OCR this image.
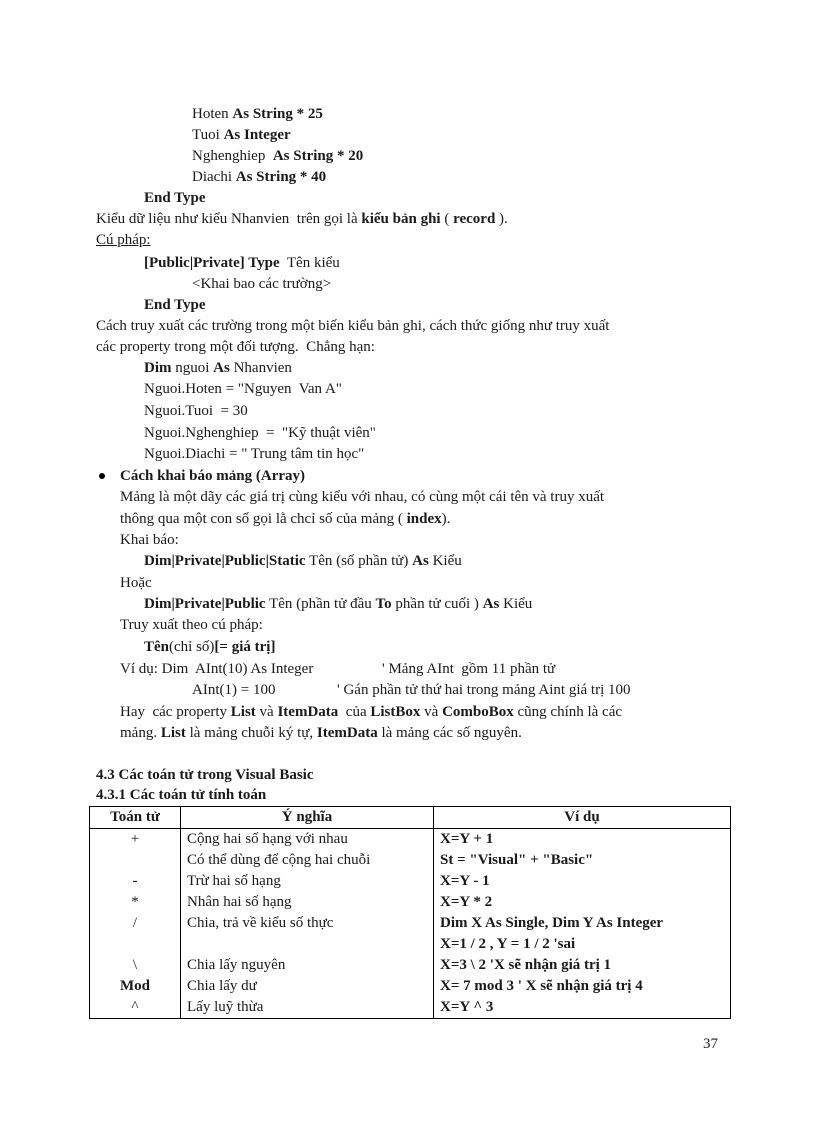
Hoten As String * 25
Tuoi As Integer
Nghenghiep  As String * 20
Diachi As String * 40
End Type
Kiểu dữ liệu như kiểu Nhanvien  trên gọi là kiểu bản ghi ( record ).
Cú pháp:
[Public|Private] Type  Tên kiểu
<Khai bao các trường>
End Type
Cách truy xuất các trường trong một biến kiểu bản ghi, cách thức giống như truy xuất
các property trong một đối tượng.  Chẳng hạn:
Dim nguoi As Nhanvien
Nguoi.Hoten = "Nguyen  Van A"
Nguoi.Tuoi  = 30
Nguoi.Nghenghiep  =  "Kỹ thuật viên"
Nguoi.Diachi = " Trung tâm tin học"
Cách khai báo mảng (Array)
Mảng là một dãy các giá trị cùng kiểu với nhau, có cùng một cái tên và truy xuất
thông qua một con số gọi lằ chcỉ số của mảng ( index).
Khai báo:
Dim|Private|Public|Static Tên (số phần tử) As Kiểu
Hoặc
Dim|Private|Public Tên (phần tử đầu To phần tử cuối ) As Kiểu
Truy xuất theo cú pháp:
Tên(chỉ số)[= giá trị]
Ví dụ: Dim  AInt(10) As Integer	' Mảng AInt  gồm 11 phần tử
AInt(1) = 100	' Gán phần tử thứ hai trong mảng Aint giá trị 100
Hay  các property List và ItemData  của ListBox và ComboBox cũng chính là các
mảng. List là mảng chuỗi ký tự, ItemData là mảng các số nguyên.
4.3 Các toán tử trong Visual Basic
4.3.1 Các toán tử tính toán
Toán tử	Ý nghĩa	Ví dụ
+	Cộng hai số hạng với nhau	X=Y + 1
	Có thể dùng để cộng hai chuỗi	St = "Visual" + "Basic"
-	Trừ hai số hạng	X=Y - 1
*	Nhân hai số hạng	X=Y * 2
/	Chia, trả về kiểu số thực	Dim X As Single, Dim Y As Integer
		X=1 / 2 , Y = 1 / 2 'sai
\	Chia lấy nguyên	X=3 \ 2 'X sẽ nhận giá trị 1
Mod	Chia lấy dư	X= 7 mod 3 ' X sẽ nhận giá trị 4
^	Lấy luỹ thừa	X=Y ^ 3
37
